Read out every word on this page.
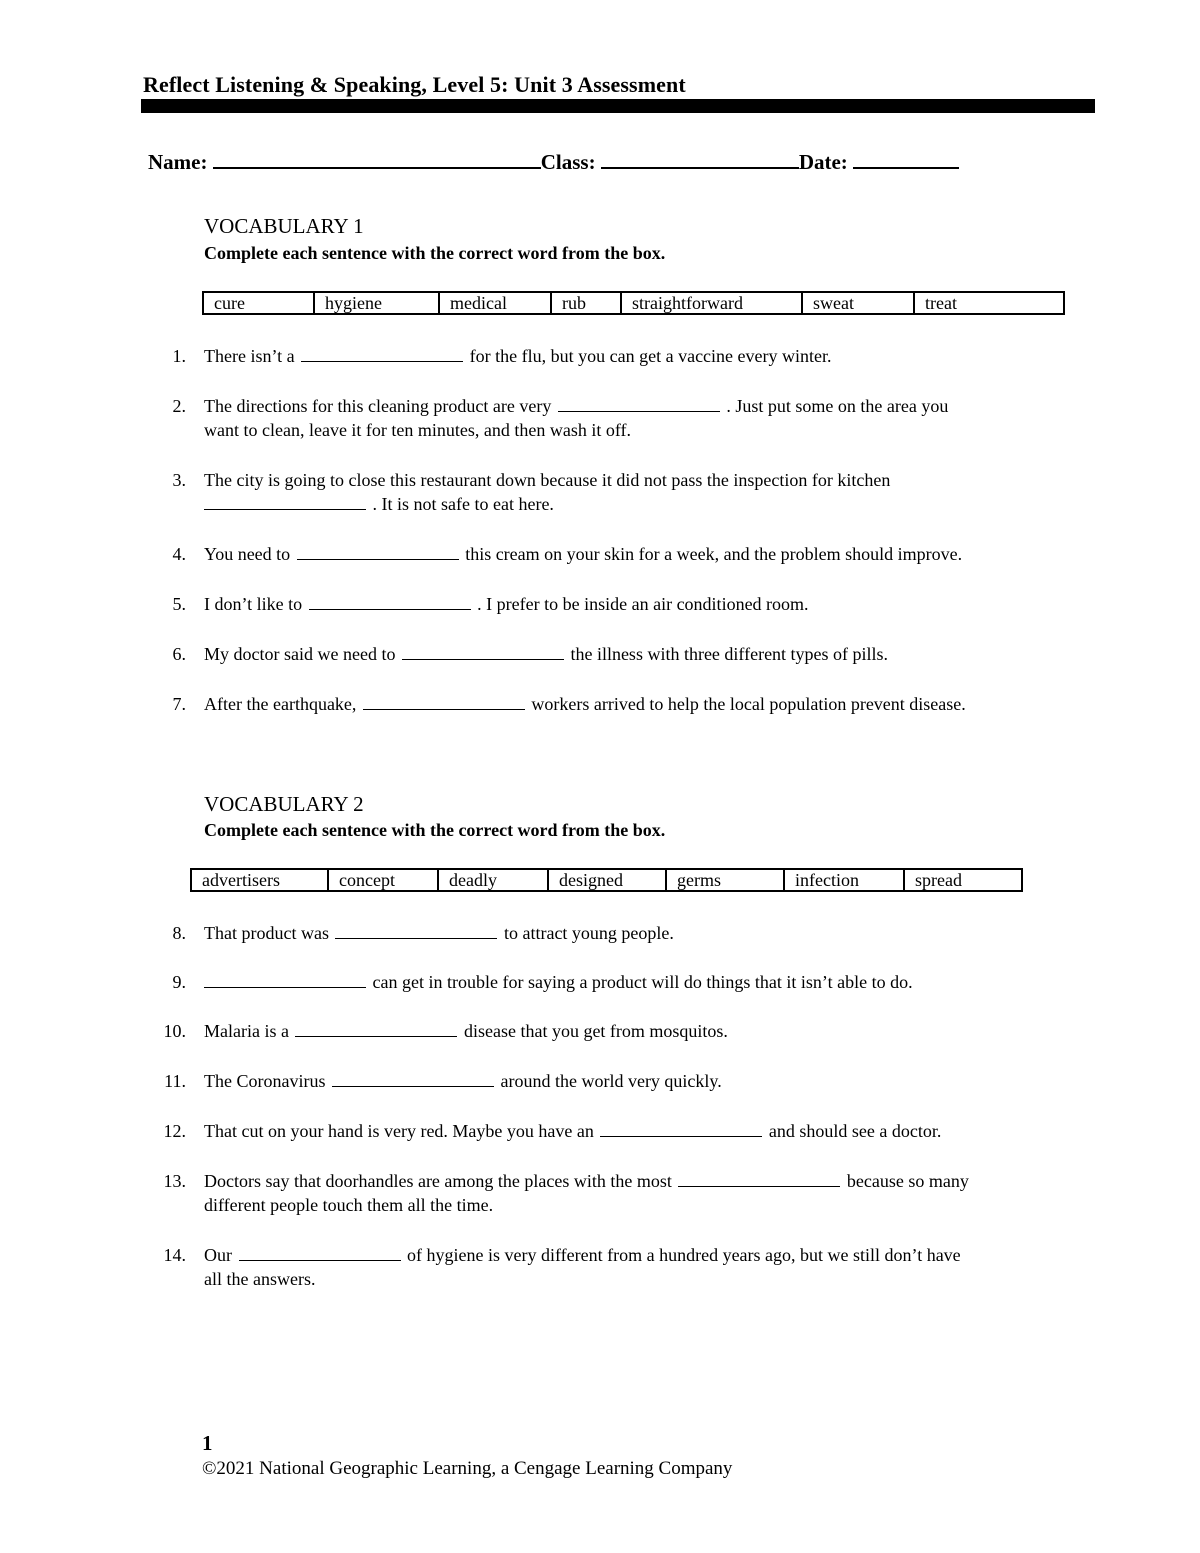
Reflect Listening & Speaking, Level 5: Unit 3 Assessment
Name:	Class:	Date:
VOCABULARY 1
Complete each sentence with the correct word from the box.
cure	hygiene	medical	rub	straightforward	sweat	treat
1. There isn’t a	for the flu, but you can get a vaccine every winter.
2. The directions for this cleaning product are very	. Just put some on the area you
want to clean, leave it for ten minutes, and then wash it off.
3. The city is going to close this restaurant down because it did not pass the inspection for kitchen
. It is not safe to eat here.
4. You need to	this cream on your skin for a week, and the problem should improve.
5. I don’t like to	. I prefer to be inside an air conditioned room.
6. My doctor said we need to	the illness with three different types of pills.
7. After the earthquake,	workers arrived to help the local population prevent disease.
VOCABULARY 2
Complete each sentence with the correct word from the box.
advertisers	concept	deadly	designed	germs	infection	spread
8. That product was	to attract young people.
9.	can get in trouble for saying a product will do things that it isn’t able to do.
10. Malaria is a	disease that you get from mosquitos.
11. The Coronavirus	around the world very quickly.
12. That cut on your hand is very red. Maybe you have an	and should see a doctor.
13. Doctors say that doorhandles are among the places with the most	because so many
different people touch them all the time.
14. Our	of hygiene is very different from a hundred years ago, but we still don’t have
all the answers.
1
©2021 National Geographic Learning, a Cengage Learning Company
